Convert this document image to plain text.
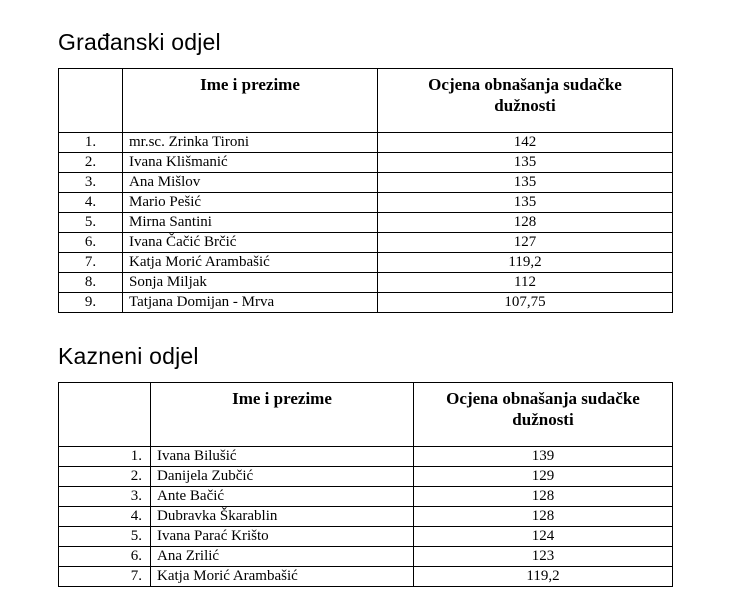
Građanski odjel
	Ime i prezime	Ocjena obnašanja sudačke dužnosti
1.	mr.sc. Zrinka Tironi	142
2.	Ivana Klišmanić	135
3.	Ana Mišlov	135
4.	Mario Pešić	135
5.	Mirna Santini	128
6.	Ivana Čačić Brčić	127
7.	Katja Morić Arambašić	119,2
8.	Sonja Miljak	112
9.	Tatjana Domijan - Mrva	107,75
Kazneni odjel
	Ime i prezime	Ocjena obnašanja sudačke dužnosti
1.	Ivana Bilušić	139
2.	Danijela Zubčić	129
3.	Ante Bačić	128
4.	Dubravka Škarablin	128
5.	Ivana Parać Krišto	124
6.	Ana Zrilić	123
7.	Katja Morić Arambašić	119,2
